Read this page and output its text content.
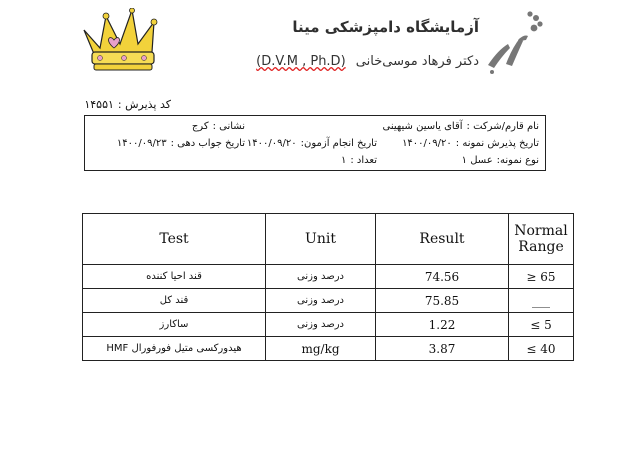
آزمایشگاه دامپزشکی مینا
دکتر فرهاد موسی‌خانی (D.V.M , Ph.D)
کد پذیرش :۱۴۵۵۱
نام قارم/شرکت :آقای یاسین شیهینی
نشانی :کرج
تاریخ پذیرش نمونه :۱۴۰۰/۰۹/۲۰
تاریخ انجام آزمون:۱۴۰۰/۰۹/۲۰
تاریخ جواب دهی :۱۴۰۰/۰۹/۲۳
نوع نمونه:عسل ۱
تعداد :۱
Test	Unit	Result	Normal
Range
قند احیا کننده	درصد وزنی	74.56	≥ 65
قند کل	درصد وزنی	75.85	___
ساکارز	درصد وزنی	1.22	≤ 5
هیدورکسی متیل فورفورال HMF	mg/kg	3.87	≤ 40
